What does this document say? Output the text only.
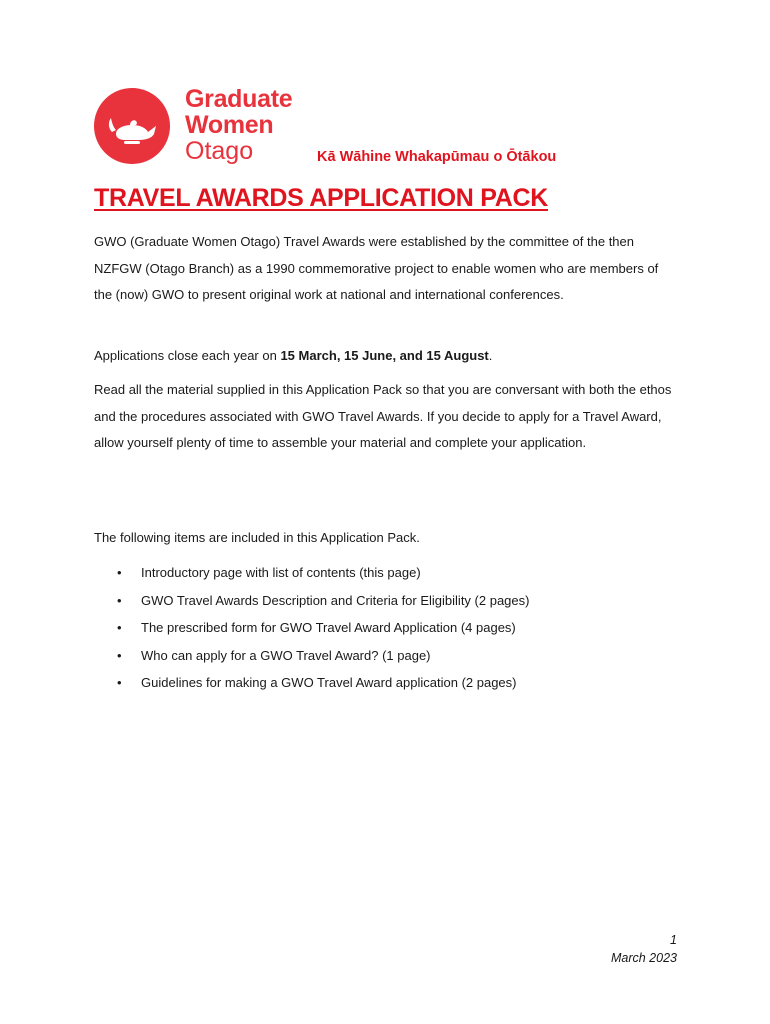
Graduate
Women
Otago	Kā Wāhine Whakapūmau o Ōtākou
TRAVEL AWARDS APPLICATION PACK

GWO (Graduate Women Otago) Travel Awards were established by the committee of the then NZFGW (Otago Branch) as a 1990 commemorative project to enable women who are members of the (now) GWO to present original work at national and international conferences.

Applications close each year on 15 March, 15 June, and 15 August.

Read all the material supplied in this Application Pack so that you are conversant with both the ethos and the procedures associated with GWO Travel Awards. If you decide to apply for a Travel Award, allow yourself plenty of time to assemble your material and complete your application.

The following items are included in this Application Pack.

• Introductory page with list of contents (this page)
• GWO Travel Awards Description and Criteria for Eligibility (2 pages)
• The prescribed form for GWO Travel Award Application (4 pages)
• Who can apply for a GWO Travel Award? (1 page)
• Guidelines for making a GWO Travel Award application (2 pages)
1
March 2023
